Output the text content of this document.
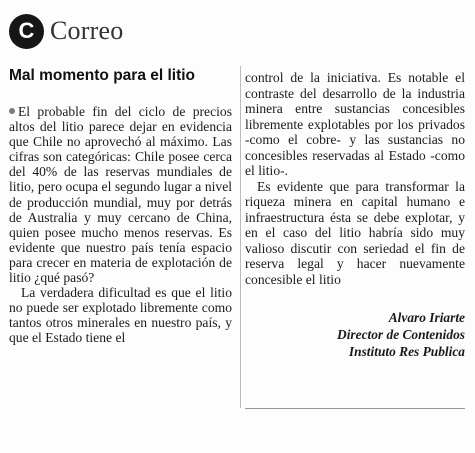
C Correo
Mal momento para el litio

El probable fin del ciclo de precios altos del litio parece dejar en evidencia que Chile no aprovechó al máximo. Las cifras son categóricas: Chile posee cerca del 40% de las reservas mundiales de litio, pero ocupa el segundo lugar a nivel de producción mundial, muy por detrás de Australia y muy cercano de China, quien posee mucho menos reservas. Es evidente que nuestro país tenía espacio para crecer en materia de explotación de litio ¿qué pasó?

La verdadera dificultad es que el litio no puede ser explotado libremente como tantos otros minerales en nuestro país, y que el Estado tiene el

control de la iniciativa. Es notable el contraste del desarrollo de la industria minera entre sustancias concesibles libremente explotables por los privados -como el cobre- y las sustancias no concesibles reservadas al Estado -como el litio-.

Es evidente que para transformar la riqueza minera en capital humano e infraestructura ésta se debe explotar, y en el caso del litio habría sido muy valioso discutir con seriedad el fin de reserva legal y hacer nuevamente concesible el litio

Alvaro Iriarte
Director de Contenidos
Instituto Res Publica
